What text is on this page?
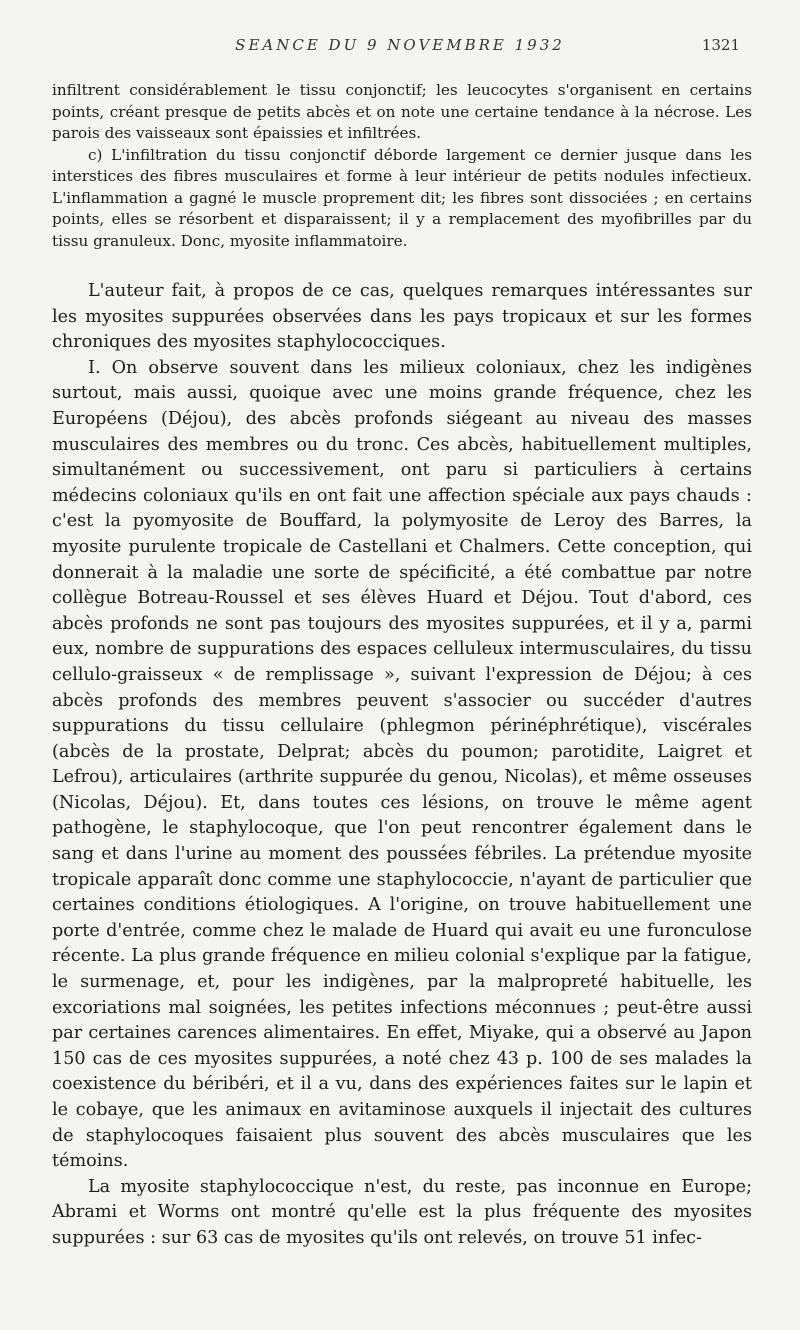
SEANCE DU 9 NOVEMBRE 1932	1321

infiltrent considérablement le tissu conjonctif; les leucocytes s'organisent en certains points, créant presque de petits abcès et on note une certaine tendance à la nécrose. Les parois des vaisseaux sont épaissies et infiltrées.

c) L'infiltration du tissu conjonctif déborde largement ce dernier jusque dans les interstices des fibres musculaires et forme à leur intérieur de petits nodules infectieux. L'inflammation a gagné le muscle proprement dit; les fibres sont dissociées ; en certains points, elles se résorbent et disparaissent; il y a remplacement des myofibrilles par du tissu granuleux. Donc, myosite inflammatoire.

L'auteur fait, à propos de ce cas, quelques remarques intéressantes sur les myosites suppurées observées dans les pays tropicaux et sur les formes chroniques des myosites staphylococciques.

I. On observe souvent dans les milieux coloniaux, chez les indigènes surtout, mais aussi, quoique avec une moins grande fréquence, chez les Européens (Déjou), des abcès profonds siégeant au niveau des masses musculaires des membres ou du tronc. Ces abcès, habituellement multiples, simultanément ou successivement, ont paru si particuliers à certains médecins coloniaux qu'ils en ont fait une affection spéciale aux pays chauds : c'est la pyomyosite de Bouffard, la polymyosite de Leroy des Barres, la myosite purulente tropicale de Castellani et Chalmers. Cette conception, qui donnerait à la maladie une sorte de spécificité, a été combattue par notre collègue Botreau-Roussel et ses élèves Huard et Déjou. Tout d'abord, ces abcès profonds ne sont pas toujours des myosites suppurées, et il y a, parmi eux, nombre de suppurations des espaces celluleux intermusculaires, du tissu cellulo-graisseux « de remplissage », suivant l'expression de Déjou; à ces abcès profonds des membres peuvent s'associer ou succéder d'autres suppurations du tissu cellulaire (phlegmon périnéphrétique), viscérales (abcès de la prostate, Delprat; abcès du poumon; parotidite, Laigret et Lefrou), articulaires (arthrite suppurée du genou, Nicolas), et même osseuses (Nicolas, Déjou). Et, dans toutes ces lésions, on trouve le même agent pathogène, le staphylocoque, que l'on peut rencontrer également dans le sang et dans l'urine au moment des poussées fébriles. La prétendue myosite tropicale apparaît donc comme une staphylococcie, n'ayant de particulier que certaines conditions étiologiques. A l'origine, on trouve habituellement une porte d'entrée, comme chez le malade de Huard qui avait eu une furonculose récente. La plus grande fréquence en milieu colonial s'explique par la fatigue, le surmenage, et, pour les indigènes, par la malpropreté habituelle, les excoriations mal soignées, les petites infections méconnues ; peut-être aussi par certaines carences alimentaires. En effet, Miyake, qui a observé au Japon 150 cas de ces myosites suppurées, a noté chez 43 p. 100 de ses malades la coexistence du béribéri, et il a vu, dans des expériences faites sur le lapin et le cobaye, que les animaux en avitaminose auxquels il injectait des cultures de staphylocoques faisaient plus souvent des abcès musculaires que les témoins.

La myosite staphylococcique n'est, du reste, pas inconnue en Europe; Abrami et Worms ont montré qu'elle est la plus fréquente des myosites suppurées : sur 63 cas de myosites qu'ils ont relevés, on trouve 51 infec-
